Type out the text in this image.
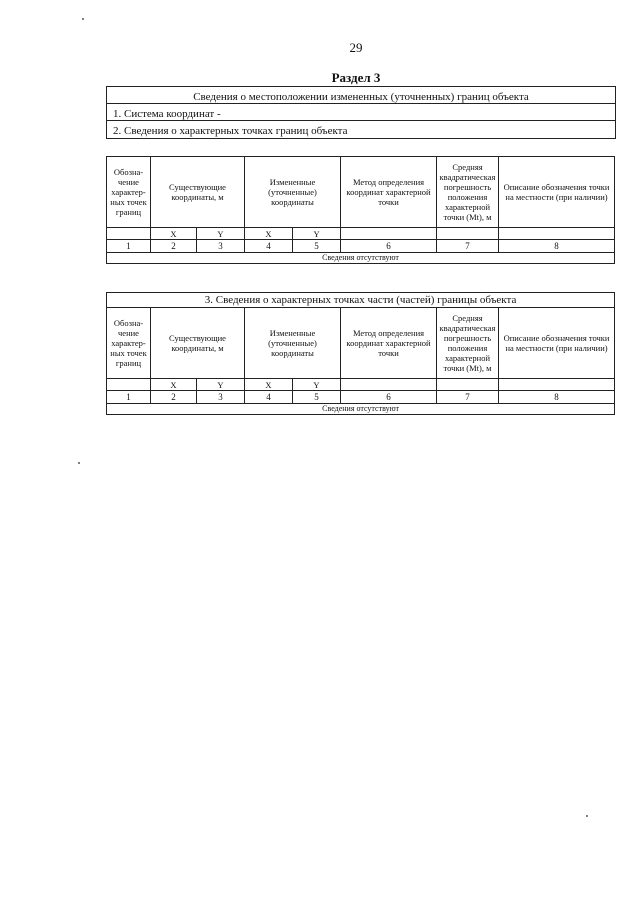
29
Раздел 3
Сведения о местоположении измененных (уточненных) границ объекта
1. Система координат -
2. Сведения о характерных точках границ объекта
Обозна-чение характер-ных точек границ	Существующие координаты, м		Измененные (уточненные) координаты		Метод определения координат характерной точки	Средняя квадратическая погрешность положения характерной точки (Mt), м	Описание обозначения точки на местности (при наличии)
	X	Y	X	Y			
1	2	3	4	5	6	7	8
Сведения отсутствуют							
3. Сведения о характерных точках части (частей) границы объекта							
Обозна-чение характер-ных точек границ	Существующие координаты, м		Измененные (уточненные) координаты		Метод определения координат характерной точки	Средняя квадратическая погрешность положения характерной точки (Mt), м	Описание обозначения точки на местности (при наличии)
	X	Y	X	Y			
1	2	3	4	5	6	7	8
Сведения отсутствуют							
